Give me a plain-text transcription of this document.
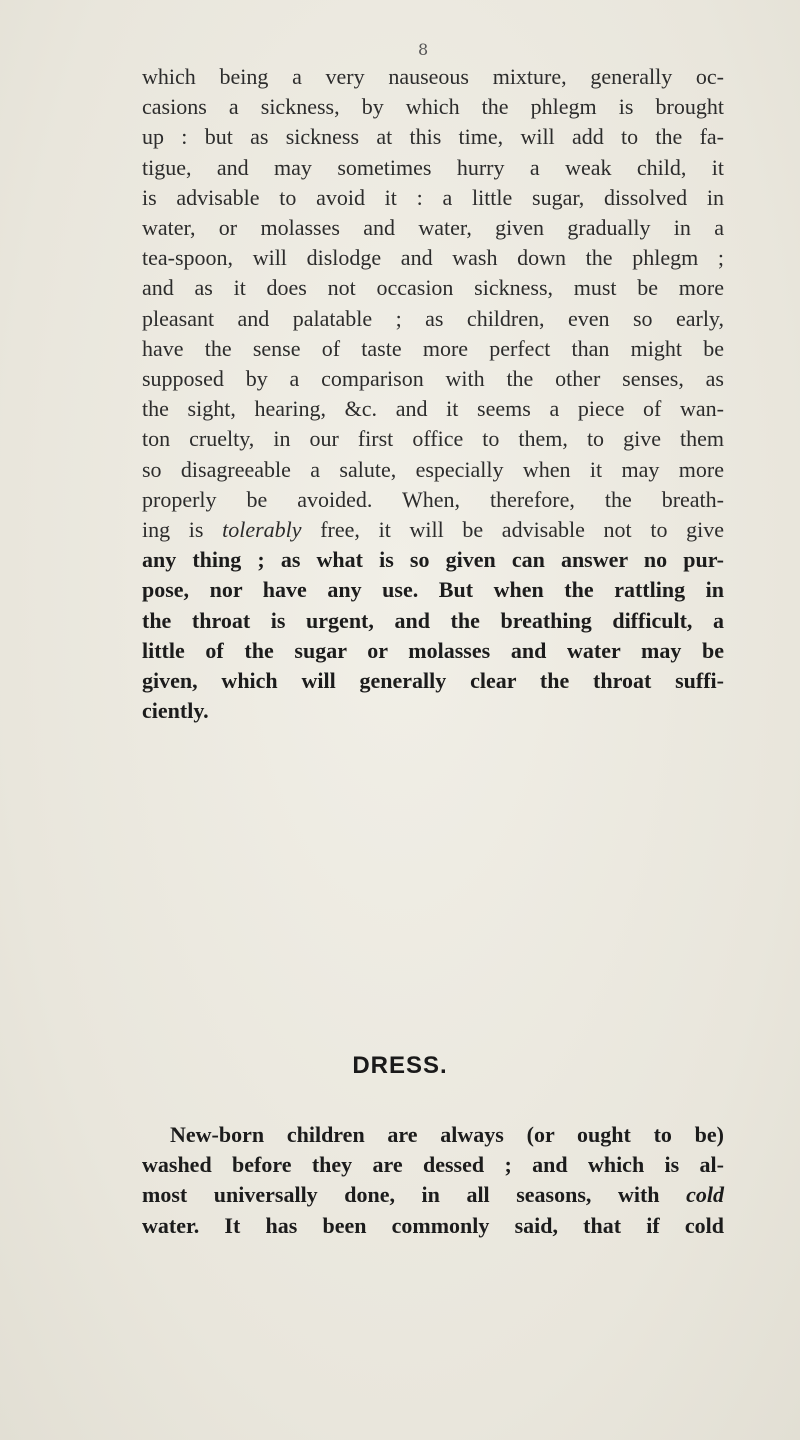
8

which being a very nauseous mixture, generally oc-
casions a sickness, by which the phlegm is brought
up : but as sickness at this time, will add to the fa-
tigue, and may sometimes hurry a weak child, it
is advisable to avoid it : a little sugar, dissolved in
water, or molasses and water, given gradually in a
tea-spoon, will dislodge and wash down the phlegm ;
and as it does not occasion sickness, must be more
pleasant and palatable ; as children, even so early,
have the sense of taste more perfect than might be
supposed by a comparison with the other senses, as
the sight, hearing, &c. and it seems a piece of wan-
ton cruelty, in our first office to them, to give them
so disagreeable a salute, especially when it may more
properly be avoided. When, therefore, the breath-
ing is tolerably free, it will be advisable not to give
any thing ; as what is so given can answer no pur-
pose, nor have any use. But when the rattling in
the throat is urgent, and the breathing difficult, a
little of the sugar or molasses and water may be
given, which will generally clear the throat suffi-
ciently.

DRESS.

New-born children are always (or ought to be)
washed before they are dessed ; and which is al-
most universally done, in all seasons, with cold
water. It has been commonly said, that if cold
